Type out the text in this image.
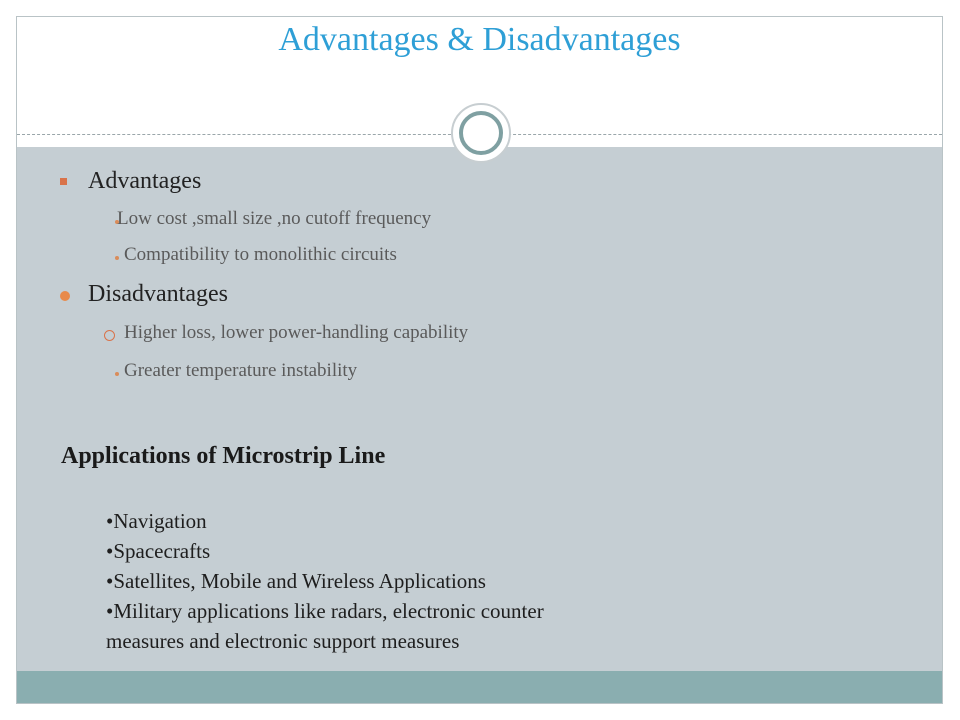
Advantages & Disadvantages
Advantages
Low cost ,small size ,no cutoff frequency
Compatibility to monolithic circuits
Disadvantages
Higher loss, lower power-handling capability
Greater temperature instability
Applications of Microstrip Line
•Navigation
•Spacecrafts
•Satellites, Mobile and Wireless Applications
•Military applications like radars, electronic counter
measures and electronic support measures
